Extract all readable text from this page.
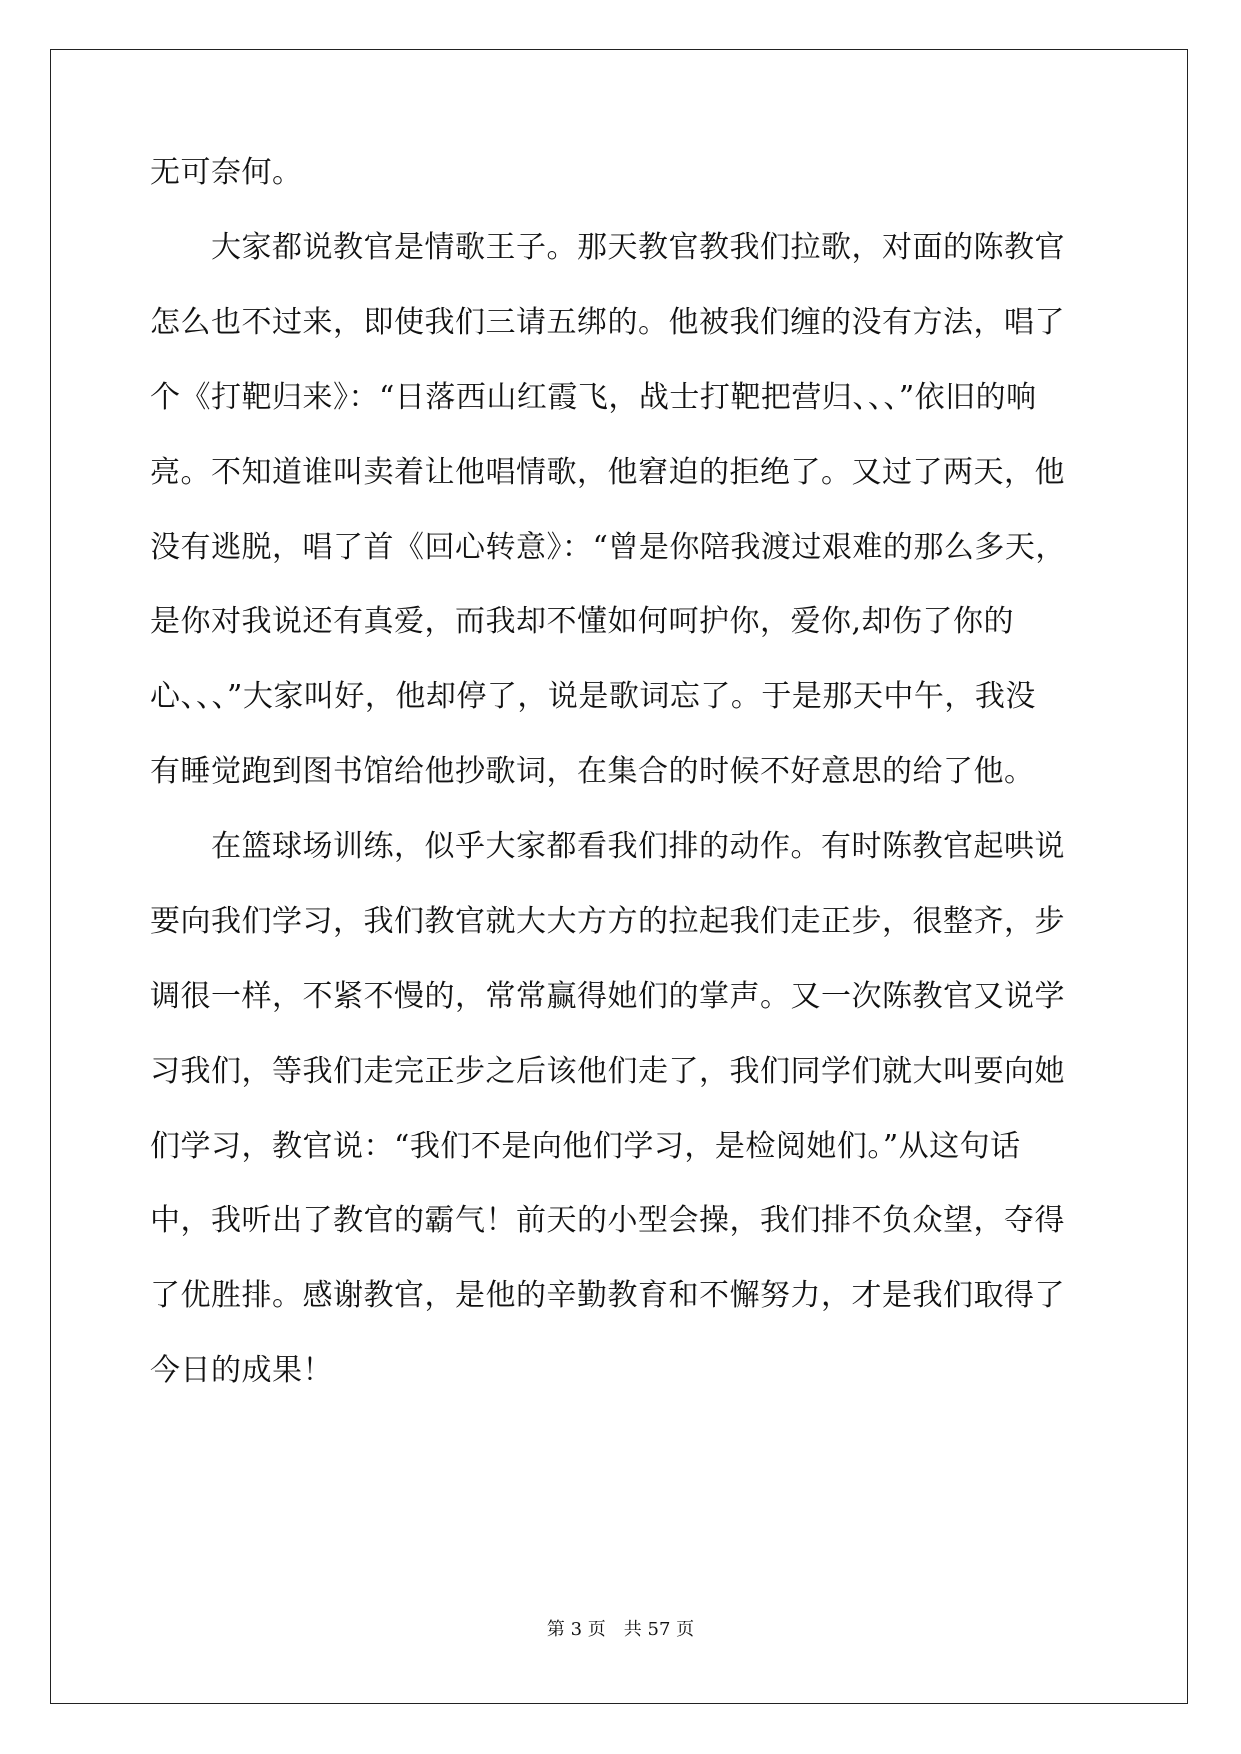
无可奈何。
　　大家都说教官是情歌王子。那天教官教我们拉歌，对面的陈教官
怎么也不过来，即使我们三请五绑的。他被我们缠的没有方法，唱了
个《打靶归来》：“日落西山红霞飞，战士打靶把营归、、、”依旧的响
亮。不知道谁叫卖着让他唱情歌，他窘迫的拒绝了。又过了两天，他
没有逃脱，唱了首《回心转意》：“曾是你陪我渡过艰难的那么多天，
是你对我说还有真爱，而我却不懂如何呵护你，爱你,却伤了你的
心、、、”大家叫好，他却停了，说是歌词忘了。于是那天中午，我没
有睡觉跑到图书馆给他抄歌词，在集合的时候不好意思的给了他。
　　在篮球场训练，似乎大家都看我们排的动作。有时陈教官起哄说
要向我们学习，我们教官就大大方方的拉起我们走正步，很整齐，步
调很一样，不紧不慢的，常常赢得她们的掌声。又一次陈教官又说学
习我们，等我们走完正步之后该他们走了，我们同学们就大叫要向她
们学习，教官说：“我们不是向他们学习，是检阅她们。”从这句话
中，我听出了教官的霸气！前天的小型会操，我们排不负众望，夺得
了优胜排。感谢教官，是他的辛勤教育和不懈努力，才是我们取得了
今日的成果！
第 3 页　共 57 页
